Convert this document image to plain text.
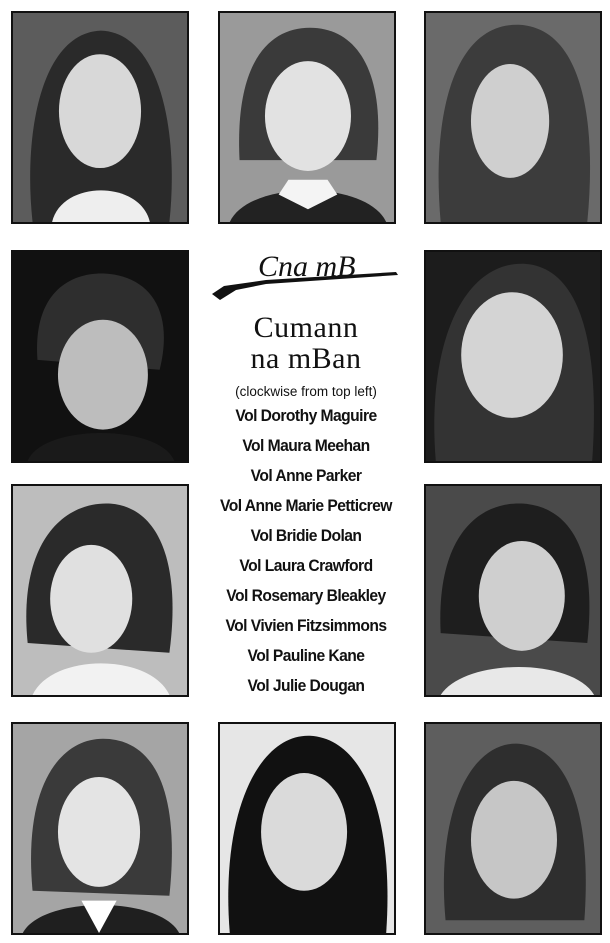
Cna mB
Cumann
na mBan
(clockwise from top left)
Vol Dorothy Maguire
Vol Maura Meehan
Vol Anne Parker
Vol Anne Marie Petticrew
Vol Bridie Dolan
Vol Laura Crawford
Vol Rosemary Bleakley
Vol Vivien Fitzsimmons
Vol Pauline Kane
Vol Julie Dougan
